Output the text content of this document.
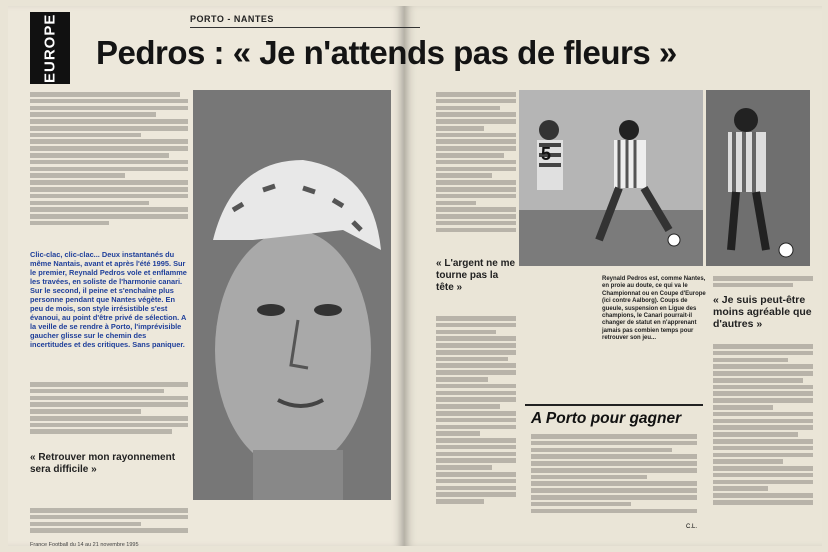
EUROPE	PORTO - NANTES
Pedros : « Je n'attends pas de fleurs »
Clic-clac, clic-clac... Deux instantanés du même Nantais, avant et après l'été 1995. Sur le premier, Reynald Pedros vole et enflamme les travées, en soliste de l'harmonie canari. Sur le second, il peine et s'enchaîne plus personne pendant que Nantes végète. En peu de mois, son style irrésistible s'est évanoui, au point d'être privé de sélection. A la veille de se rendre à Porto, l'imprévisible gaucher glisse sur le chemin des incertitudes et des critiques. Sans paniquer.
« Retrouver mon rayonnement sera difficile »
« L'argent ne me tourne pas la tête »
5
Reynald Pedros est, comme Nantes, en proie au doute, ce qui va le Championnat ou en Coupe d'Europe (ici contre Aalborg). Coups de gueule, suspension en Ligue des champions, le Canari pourrait-il changer de statut en n'apprenant jamais pas combien temps pour retrouver son jeu...
« Je suis peut-être moins agréable que d'autres »
A Porto pour gagner
C.L.
France Football du 14 au 21 novembre 1995
